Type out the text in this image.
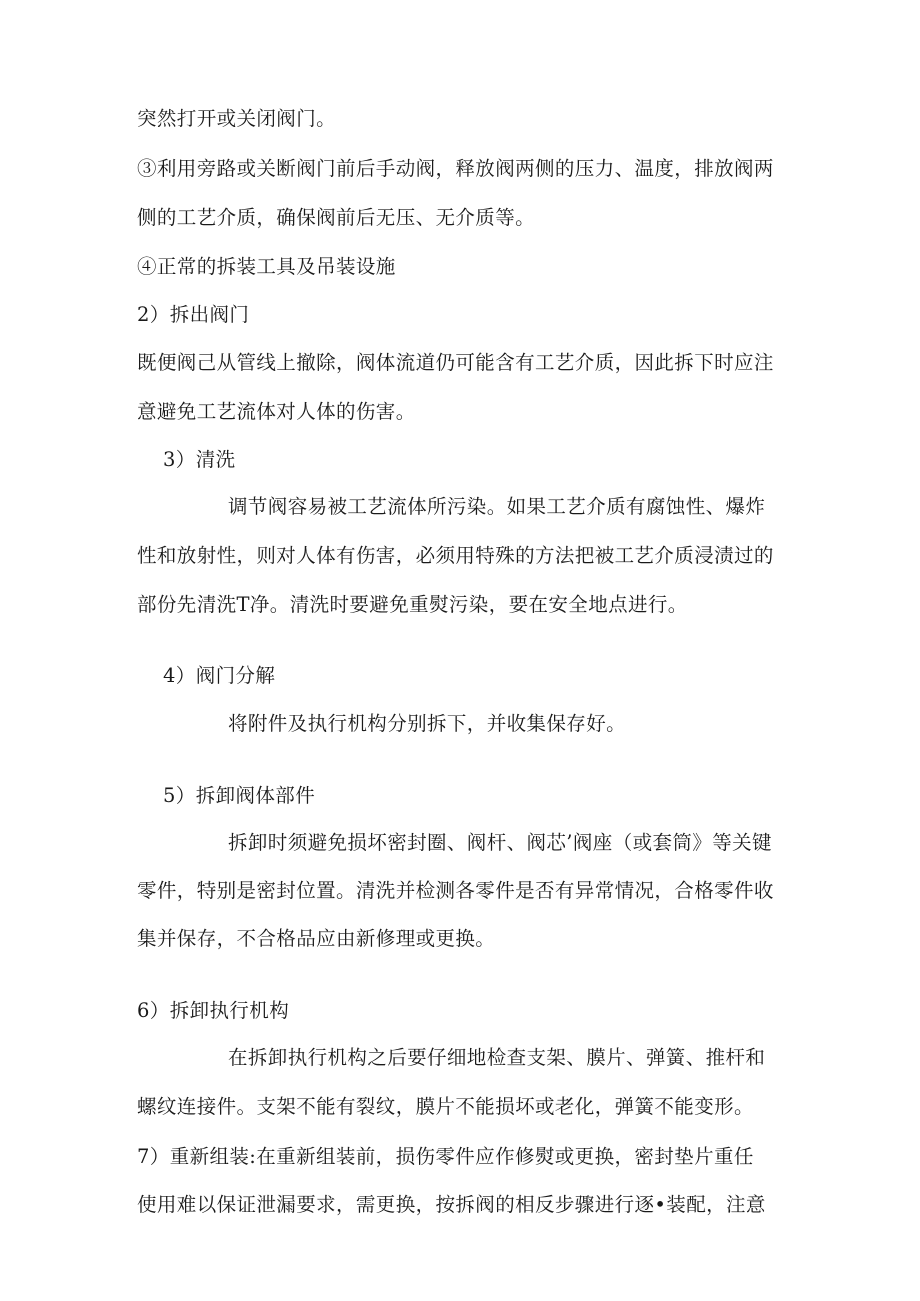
突然打开或关闭阀门。
③利用旁路或关断阀门前后手动阀，释放阀两侧的压力、温度，排放阀两
侧的工艺介质，确保阀前后无压、无介质等。
④正常的拆装工具及吊装设施
2）拆出阀门
既便阀己从管线上撤除，阀体流道仍可能含有工艺介质，因此拆下时应注
意避免工艺流体对人体的伤害。
3）清洗
调节阀容易被工艺流体所污染。如果工艺介质有腐蚀性、爆炸
性和放射性，则对人体有伤害，必须用特殊的方法把被工艺介质浸渍过的
部份先清洗T净。清洗时要避免重熨污染，要在安全地点进行。
4）阀门分解
将附件及执行机构分别拆下，并收集保存好。
5）拆卸阀体部件
拆卸时须避免损坏密封圈、阀杆、阀芯’阀座（或套筒》等关键
零件，特别是密封位置。清洗并检测各零件是否有异常情况，合格零件收
集并保存，不合格品应由新修理或更换。
6）拆卸执行机构
在拆卸执行机构之后要仔细地检查支架、膜片、弹簧、推杆和
螺纹连接件。支架不能有裂纹，膜片不能损坏或老化，弹簧不能变形。
7）重新组装:在重新组装前，损伤零件应作修熨或更换，密封垫片重任
使用难以保证泄漏要求，需更换，按拆阀的相反步骤进行逐•装配，注意
